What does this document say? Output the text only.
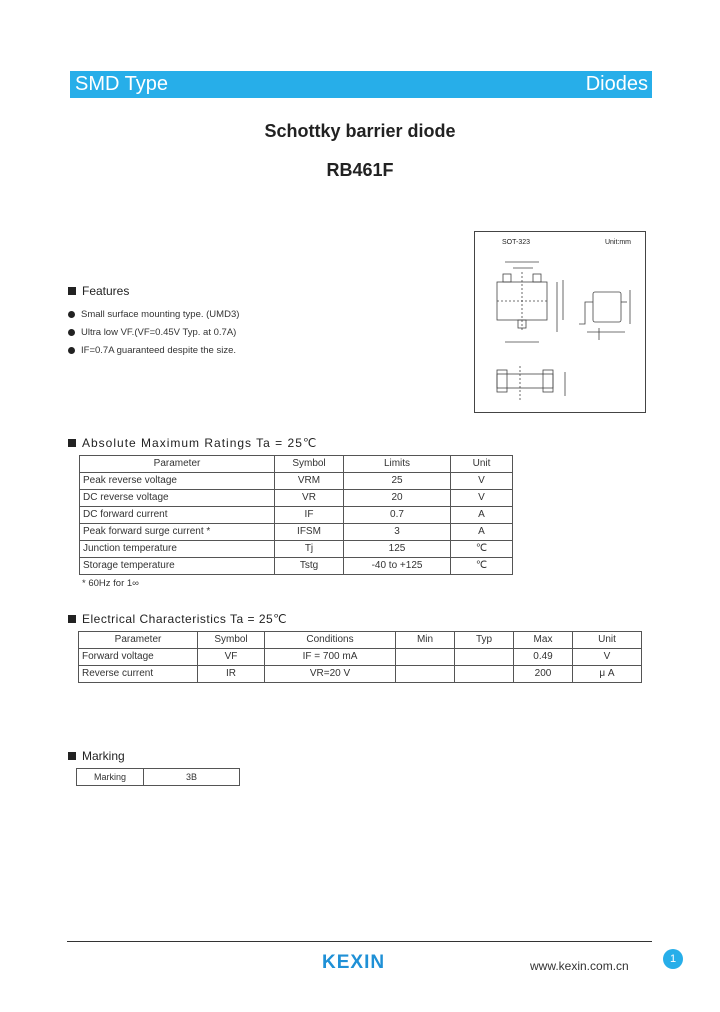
SMD Type	Diodes
Schottky barrier diode
RB461F
SOT-323	Unit:mm
Features
Small surface mounting type. (UMD3)
Ultra low VF.(VF=0.45V Typ. at 0.7A)
IF=0.7A guaranteed despite the size.
Absolute Maximum Ratings Ta = 25℃
Parameter	Symbol	Limits	Unit
Peak reverse voltage	VRM	25	V
DC reverse voltage	VR	20	V
DC forward current	IF	0.7	A
Peak forward surge current *	IFSM	3	A
Junction temperature	Tj	125	℃
Storage temperature	Tstg	-40 to +125	℃
* 60Hz for 1∞
Electrical Characteristics Ta = 25℃
Parameter	Symbol	Conditions	Min	Typ	Max	Unit
Forward voltage	VF	IF = 700 mA			0.49	V
Reverse current	IR	VR=20 V			200	μ A
Marking
Marking	3B
KEXIN	www.kexin.com.cn	1
